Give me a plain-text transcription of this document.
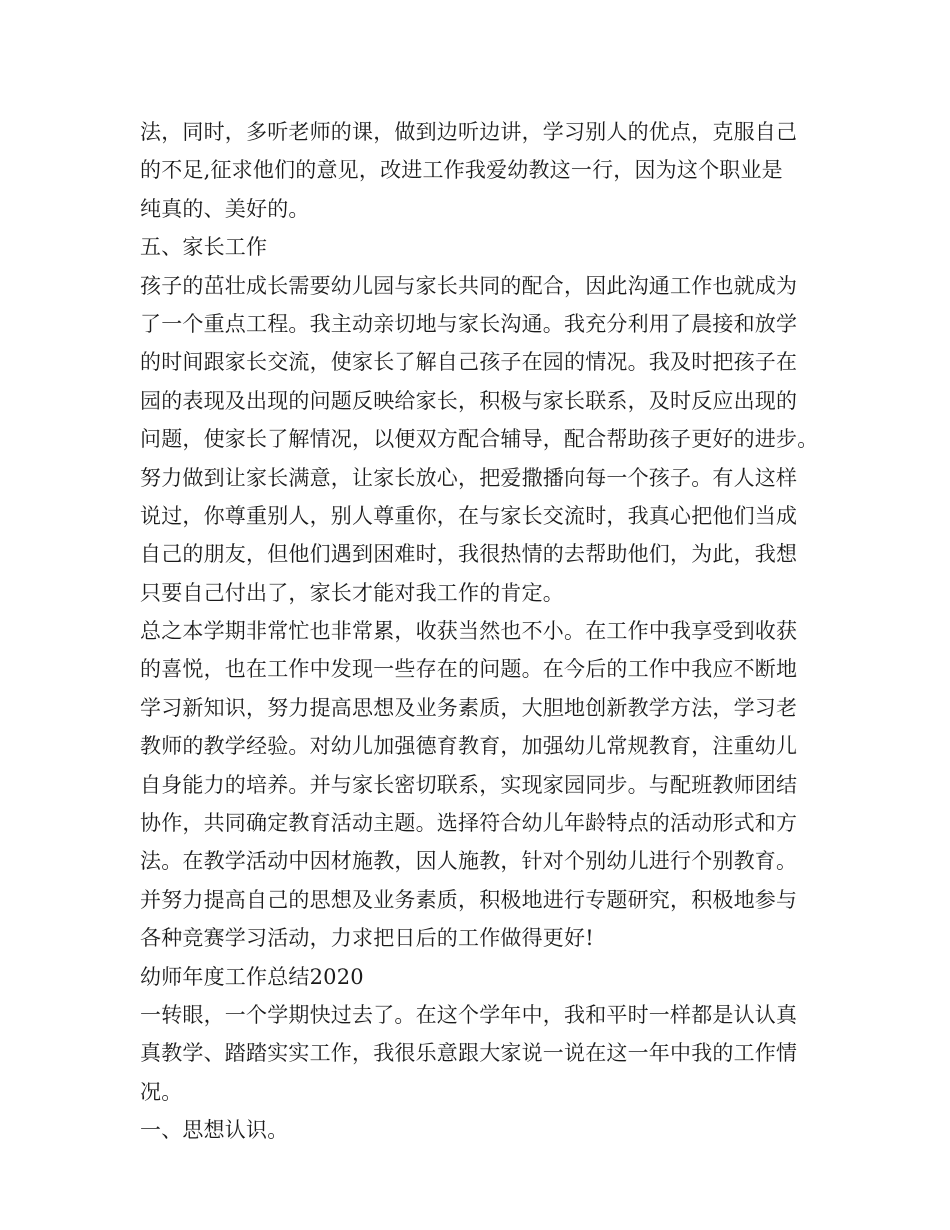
法，同时，多听老师的课，做到边听边讲，学习别人的优点，克服自己
的不足,征求他们的意见，改进工作我爱幼教这一行，因为这个职业是
纯真的、美好的。
五、家长工作
孩子的茁壮成长需要幼儿园与家长共同的配合，因此沟通工作也就成为
了一个重点工程。我主动亲切地与家长沟通。我充分利用了晨接和放学
的时间跟家长交流，使家长了解自己孩子在园的情况。我及时把孩子在
园的表现及出现的问题反映给家长，积极与家长联系，及时反应出现的
问题，使家长了解情况，以便双方配合辅导，配合帮助孩子更好的进步。
努力做到让家长满意，让家长放心，把爱撒播向每一个孩子。有人这样
说过，你尊重别人，别人尊重你，在与家长交流时，我真心把他们当成
自己的朋友，但他们遇到困难时，我很热情的去帮助他们，为此，我想
只要自己付出了，家长才能对我工作的肯定。
总之本学期非常忙也非常累，收获当然也不小。在工作中我享受到收获
的喜悦，也在工作中发现一些存在的问题。在今后的工作中我应不断地
学习新知识，努力提高思想及业务素质，大胆地创新教学方法，学习老
教师的教学经验。对幼儿加强德育教育，加强幼儿常规教育，注重幼儿
自身能力的培养。并与家长密切联系，实现家园同步。与配班教师团结
协作，共同确定教育活动主题。选择符合幼儿年龄特点的活动形式和方
法。在教学活动中因材施教，因人施教，针对个别幼儿进行个别教育。
并努力提高自己的思想及业务素质，积极地进行专题研究，积极地参与
各种竞赛学习活动，力求把日后的工作做得更好!
幼师年度工作总结2020
一转眼，一个学期快过去了。在这个学年中，我和平时一样都是认认真
真教学、踏踏实实工作，我很乐意跟大家说一说在这一年中我的工作情
况。
一、思想认识。
